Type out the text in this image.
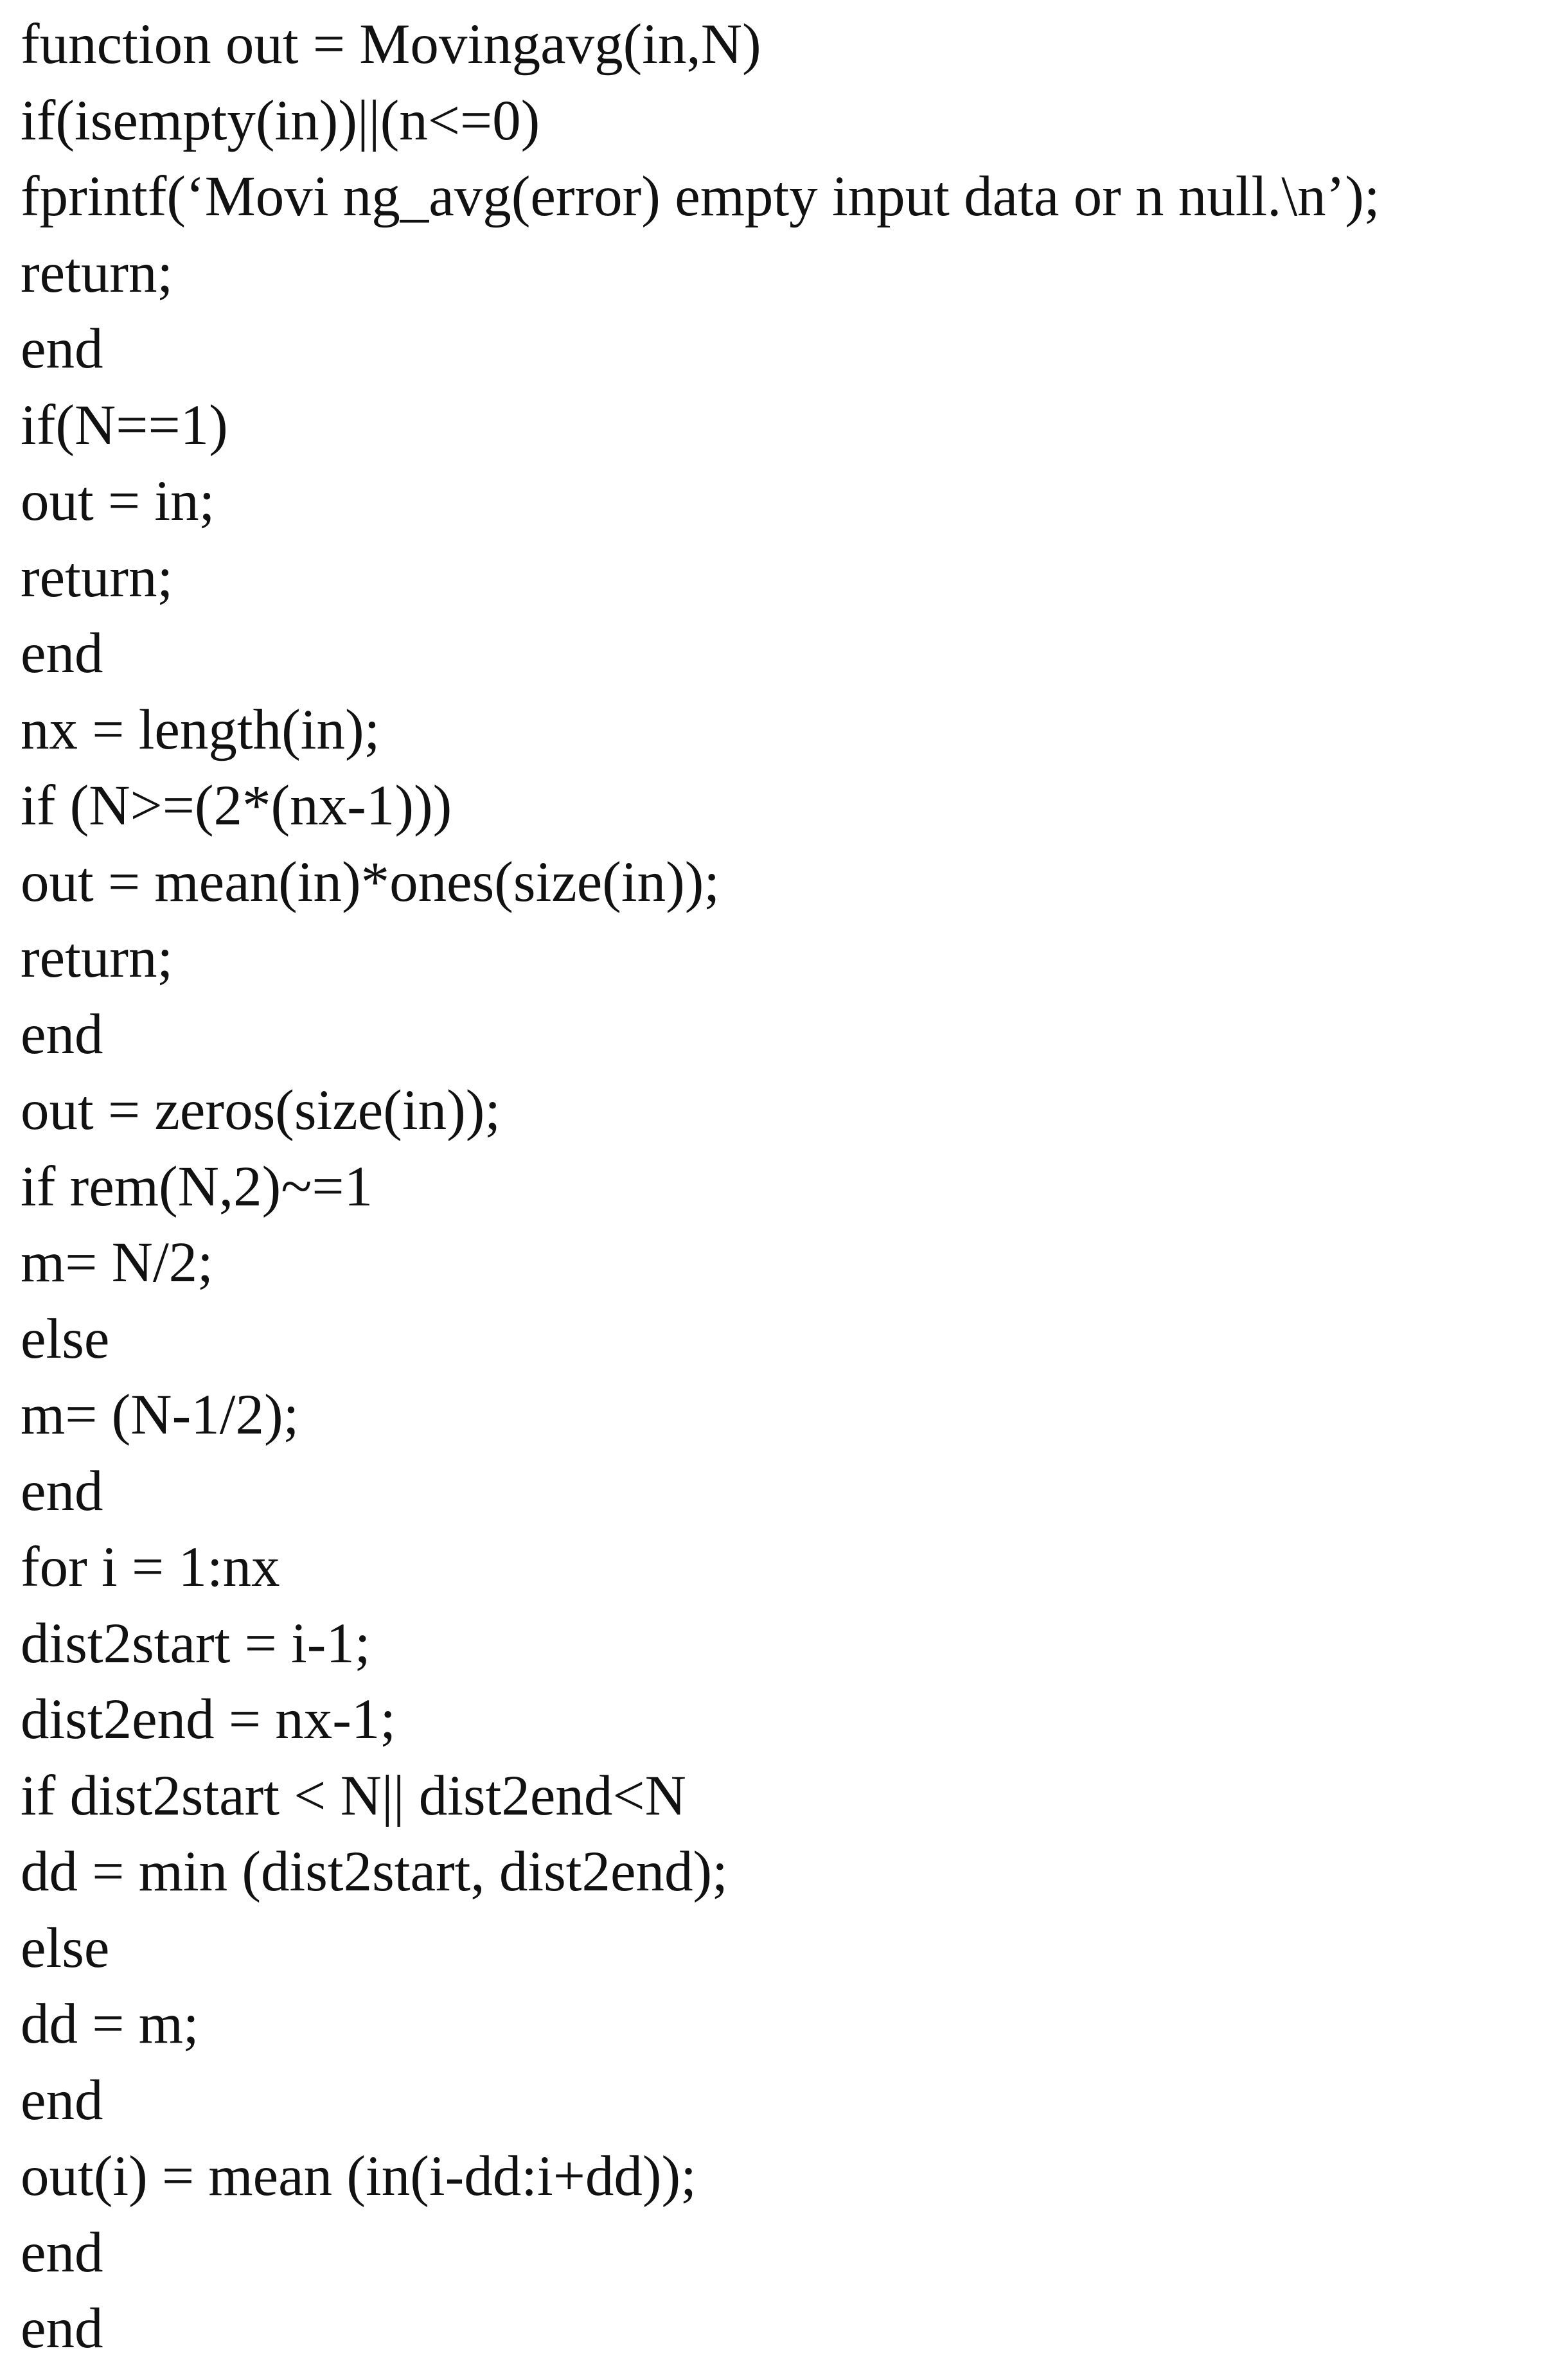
function out = Movingavg(in,N)
if(isempty(in))||(n<=0)
fprintf(‘Movi ng_avg(error) empty input data or n null.\n’);
return;
end
if(N==1)
out = in;
return;
end
nx = length(in);
if (N>=(2*(nx-1)))
out = mean(in)*ones(size(in));
return;
end
out = zeros(size(in));
if rem(N,2)~=1
m= N/2;
else
m= (N-1/2);
end
for i = 1:nx
dist2start = i-1;
dist2end = nx-1;
if dist2start < N|| dist2end<N
dd = min (dist2start, dist2end);
else
dd = m;
end
out(i) = mean (in(i-dd:i+dd));
end
end
